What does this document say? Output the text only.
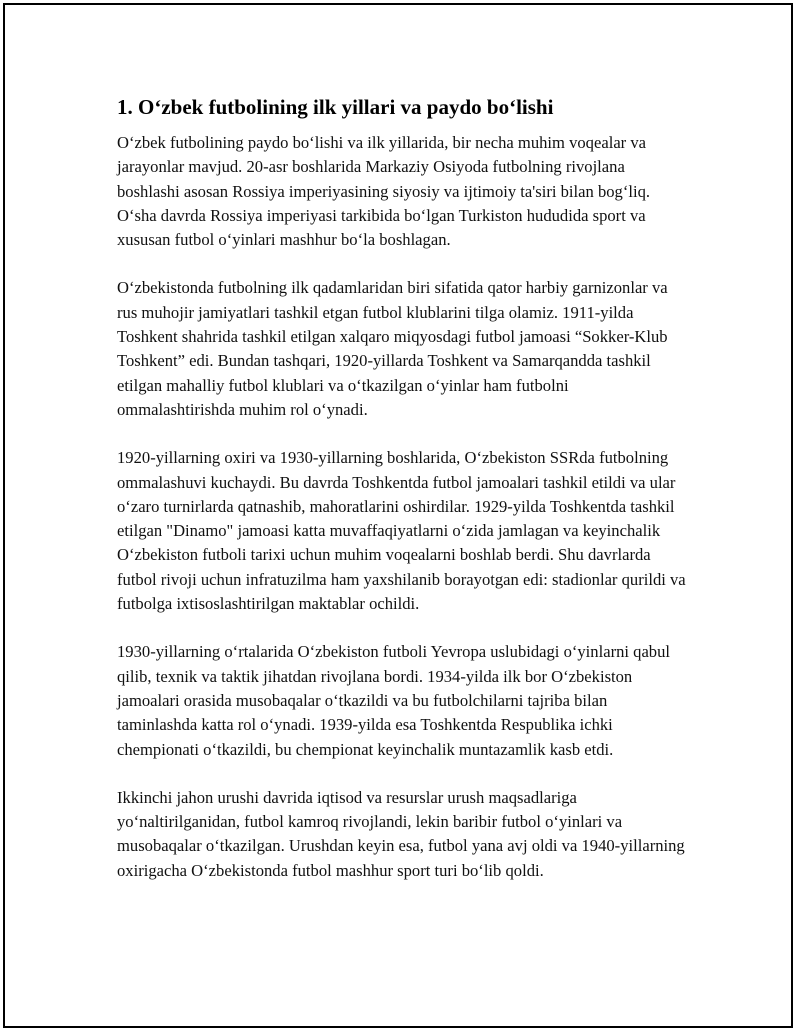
1. O‘zbek futbolining ilk yillari va paydo bo‘lishi

O‘zbek futbolining paydo bo‘lishi va ilk yillarida, bir necha muhim voqealar va jarayonlar mavjud. 20-asr boshlarida Markaziy Osiyoda futbolning rivojlana boshlashi asosan Rossiya imperiyasining siyosiy va ijtimoiy ta'siri bilan bog‘liq. O‘sha davrda Rossiya imperiyasi tarkibida bo‘lgan Turkiston hududida sport va xususan futbol o‘yinlari mashhur bo‘la boshlagan.

O‘zbekistonda futbolning ilk qadamlaridan biri sifatida qator harbiy garnizonlar va rus muhojir jamiyatlari tashkil etgan futbol klublarini tilga olamiz. 1911-yilda Toshkent shahrida tashkil etilgan xalqaro miqyosdagi futbol jamoasi “Sokker-Klub Toshkent” edi. Bundan tashqari, 1920-yillarda Toshkent va Samarqandda tashkil etilgan mahalliy futbol klublari va o‘tkazilgan o‘yinlar ham futbolni ommalashtirishda muhim rol o‘ynadi.

1920-yillarning oxiri va 1930-yillarning boshlarida, O‘zbekiston SSRda futbolning ommalashuvi kuchaydi. Bu davrda Toshkentda futbol jamoalari tashkil etildi va ular o‘zaro turnirlarda qatnashib, mahoratlarini oshirdilar. 1929-yilda Toshkentda tashkil etilgan "Dinamo" jamoasi katta muvaffaqiyatlarni o‘zida jamlagan va keyinchalik O‘zbekiston futboli tarixi uchun muhim voqealarni boshlab berdi. Shu davrlarda futbol rivoji uchun infratuzilma ham yaxshilanib borayotgan edi: stadionlar qurildi va futbolga ixtisoslashtirilgan maktablar ochildi.

1930-yillarning o‘rtalarida O‘zbekiston futboli Yevropa uslubidagi o‘yinlarni qabul qilib, texnik va taktik jihatdan rivojlana bordi. 1934-yilda ilk bor O‘zbekiston jamoalari orasida musobaqalar o‘tkazildi va bu futbolchilarni tajriba bilan taminlashda katta rol o‘ynadi. 1939-yilda esa Toshkentda Respublika ichki chempionati o‘tkazildi, bu chempionat keyinchalik muntazamlik kasb etdi.

Ikkinchi jahon urushi davrida iqtisod va resurslar urush maqsadlariga yo‘naltirilganidan, futbol kamroq rivojlandi, lekin baribir futbol o‘yinlari va musobaqalar o‘tkazilgan. Urushdan keyin esa, futbol yana avj oldi va 1940-yillarning oxirigacha O‘zbekistonda futbol mashhur sport turi bo‘lib qoldi.
